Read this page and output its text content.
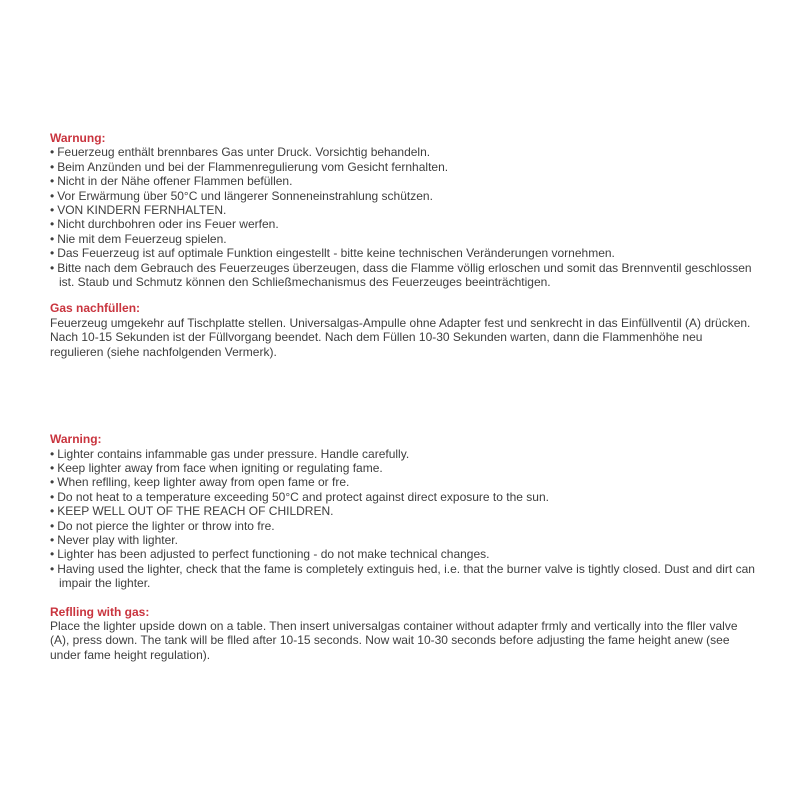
Warnung:
• Feuerzeug enthält brennbares Gas unter Druck. Vorsichtig behandeln.
• Beim Anzünden und bei der Flammenregulierung vom Gesicht fernhalten.
• Nicht in der Nähe offener Flammen befüllen.
• Vor Erwärmung über 50°C und längerer Sonneneinstrahlung schützen.
• VON KINDERN FERNHALTEN.
• Nicht durchbohren oder ins Feuer werfen.
• Nie mit dem Feuerzeug spielen.
• Das Feuerzeug ist auf optimale Funktion eingestellt - bitte keine technischen Veränderungen vornehmen.
• Bitte nach dem Gebrauch des Feuerzeuges überzeugen, dass die Flamme völlig erloschen und somit das Brennventil geschlossen ist. Staub und Schmutz können den Schließmechanismus des Feuerzeuges beeinträchtigen.
Gas nachfüllen:

Feuerzeug umgekehr auf Tischplatte stellen. Universalgas-Ampulle ohne Adapter fest und senkrecht in das Einfüllventil (A) drücken. Nach 10-15 Sekunden ist der Füllvorgang beendet. Nach dem Füllen 10-30 Sekunden warten, dann die Flammenhöhe neu regulieren (siehe nachfolgenden Vermerk).

Warning:
• Lighter contains infammable gas under pressure. Handle carefully.
• Keep lighter away from face when igniting or regulating fame.
• When reflling, keep lighter away from open fame or fre.
• Do not heat to a temperature exceeding 50°C and protect against direct exposure to the sun.
• KEEP WELL OUT OF THE REACH OF CHILDREN.
• Do not pierce the lighter or throw into fre.
• Never play with lighter.
• Lighter has been adjusted to perfect functioning - do not make technical changes.
• Having used the lighter, check that the fame is completely extinguis hed, i.e. that the burner valve is tightly closed. Dust and dirt can impair the lighter.
Reflling with gas:

Place the lighter upside down on a table. Then insert universalgas container without adapter frmly and vertically into the fller valve (A), press down. The tank will be flled after 10-15 seconds. Now wait 10-30 seconds before adjusting the fame height anew (see under fame height regulation).
